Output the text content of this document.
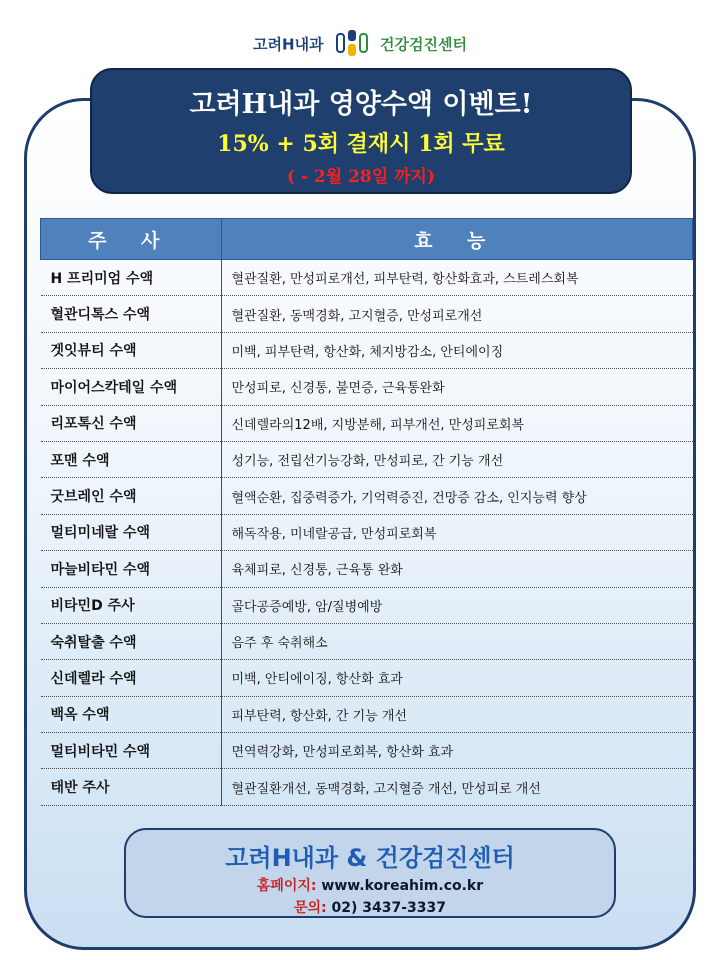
고려H내과	건강검진센터
고려H내과 영양수액 이벤트!
15% + 5회 결재시 1회 무료
( - 2월 28일 까지)
주 사	효 능
H 프리미엄 수액	혈관질환, 만성피로개선, 피부탄력, 항산화효과, 스트레스회복
혈관디톡스 수액	혈관질환, 동맥경화, 고지혈증, 만성피로개선
겟잇뷰티 수액	미백, 피부탄력, 항산화, 체지방감소, 안티에이징
마이어스칵테일 수액	만성피로, 신경통, 불면증, 근육통완화
리포톡신 수액	신데렐라의12배, 지방분해, 피부개선, 만성피로회복
포맨 수액	성기능, 전립선기능강화, 만성피로, 간 기능 개선
굿브레인 수액	혈액순환, 집중력증가, 기억력증진, 건망증 감소, 인지능력 향상
멀티미네랄 수액	해독작용, 미네랄공급, 만성피로회복
마늘비타민 수액	육체피로, 신경통, 근육통 완화
비타민D 주사	골다공증예방, 암/질병예방
숙취탈출 수액	음주 후 숙취해소
신데렐라 수액	미백, 안티에이징, 항산화 효과
백옥 수액	피부탄력, 항산화, 간 기능 개선
멀티비타민 수액	면역력강화, 만성피로회복, 항산화 효과
태반 주사	혈관질환개선, 동맥경화, 고지혈증 개선, 만성피로 개선
고려H내과 & 건강검진센터
홈페이지: www.koreahim.co.kr
문의: 02) 3437-3337
